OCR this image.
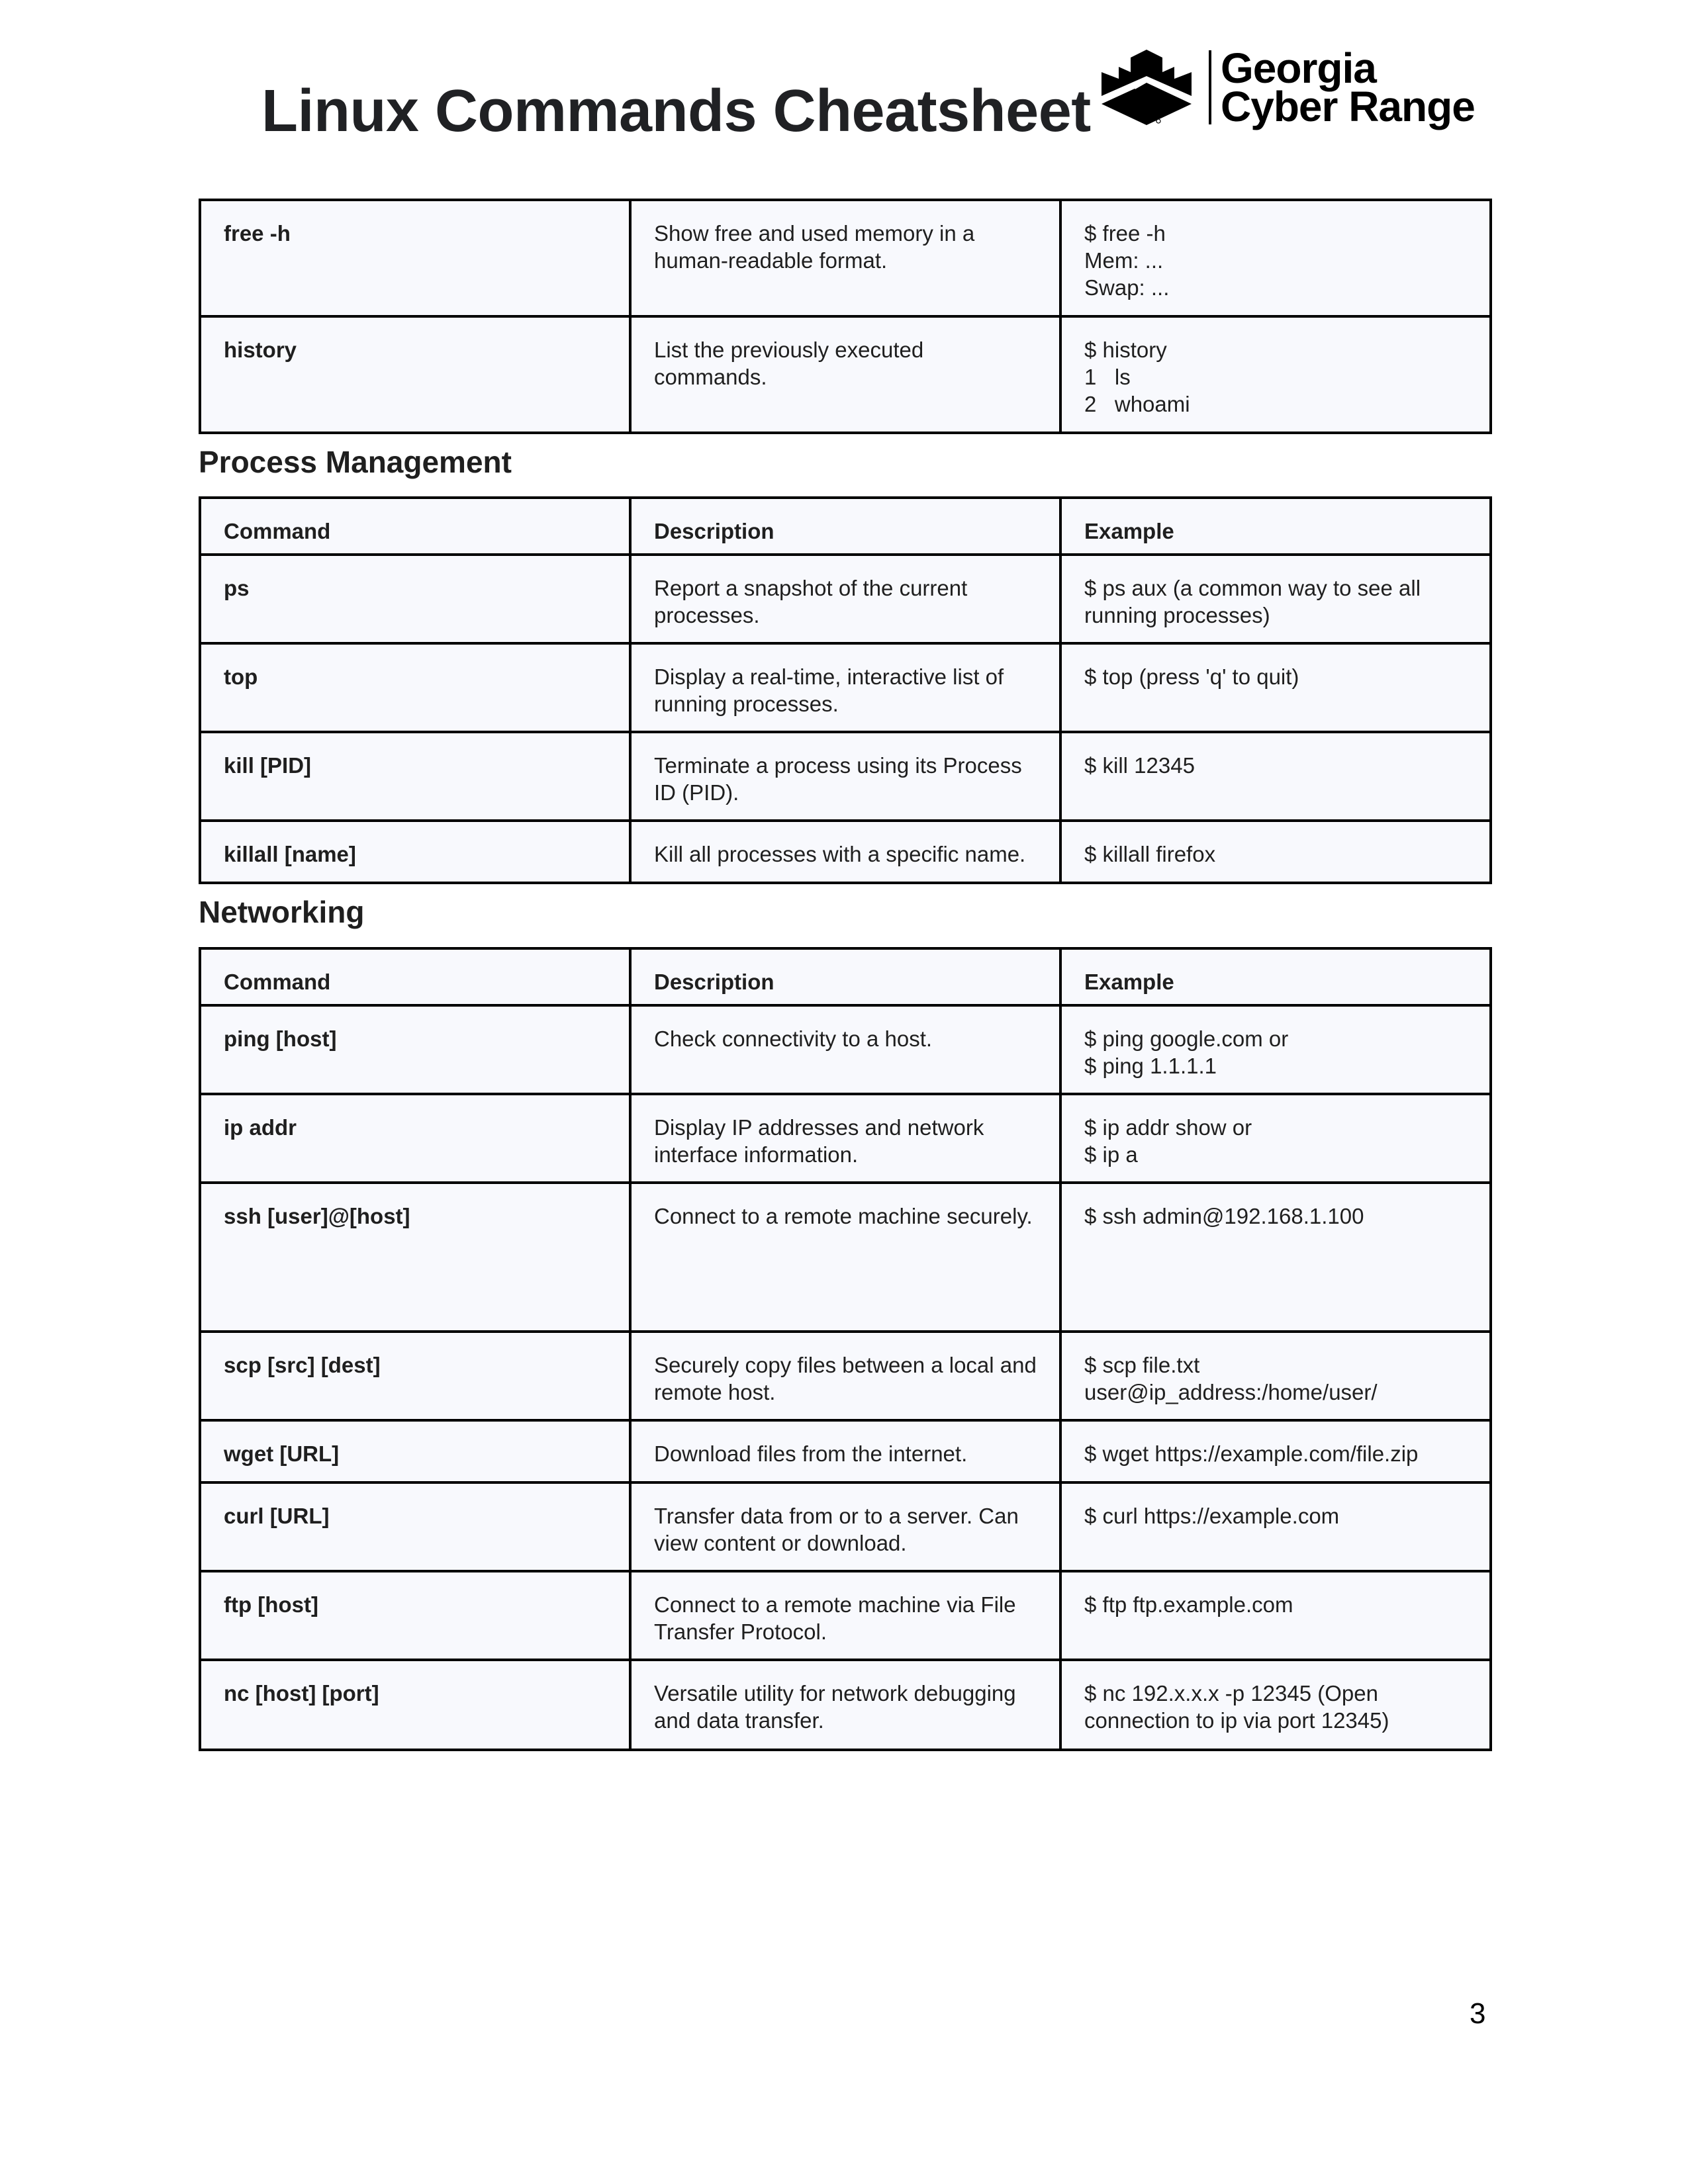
Linux Commands Cheatsheet
Georgia
Cyber Range
free -h	Show free and used memory in a human-readable format.	$ free -h
Mem: ...
Swap: ...

history	List the previously executed commands.	$ history
1   ls
2   whoami
Process Management
Command	Description	Example
ps	Report a snapshot of the current processes.	$ ps aux (a common way to see all running processes)

top	Display a real-time, interactive list of running processes.	$ top (press 'q' to quit)

kill [PID]	Terminate a process using its Process ID (PID).	$ kill 12345

killall [name]	Kill all processes with a specific name.	$ killall firefox
Networking
Command	Description	Example
ping [host]	Check connectivity to a host.	$ ping google.com or
$ ping 1.1.1.1

ip addr	Display IP addresses and network interface information.	$ ip addr show or
$ ip a

ssh [user]@[host]	Connect to a remote machine securely.	$ ssh admin@192.168.1.100

scp [src] [dest]	Securely copy files between a local and remote host.	$ scp file.txt
user@ip_address:/home/user/

wget [URL]	Download files from the internet.	$ wget https://example.com/file.zip

curl [URL]	Transfer data from or to a server. Can view content or download.	$ curl https://example.com

ftp [host]	Connect to a remote machine via File Transfer Protocol.	$ ftp ftp.example.com

nc [host] [port]	Versatile utility for network debugging and data transfer.	$ nc 192.x.x.x -p 12345 (Open connection to ip via port 12345)
3
